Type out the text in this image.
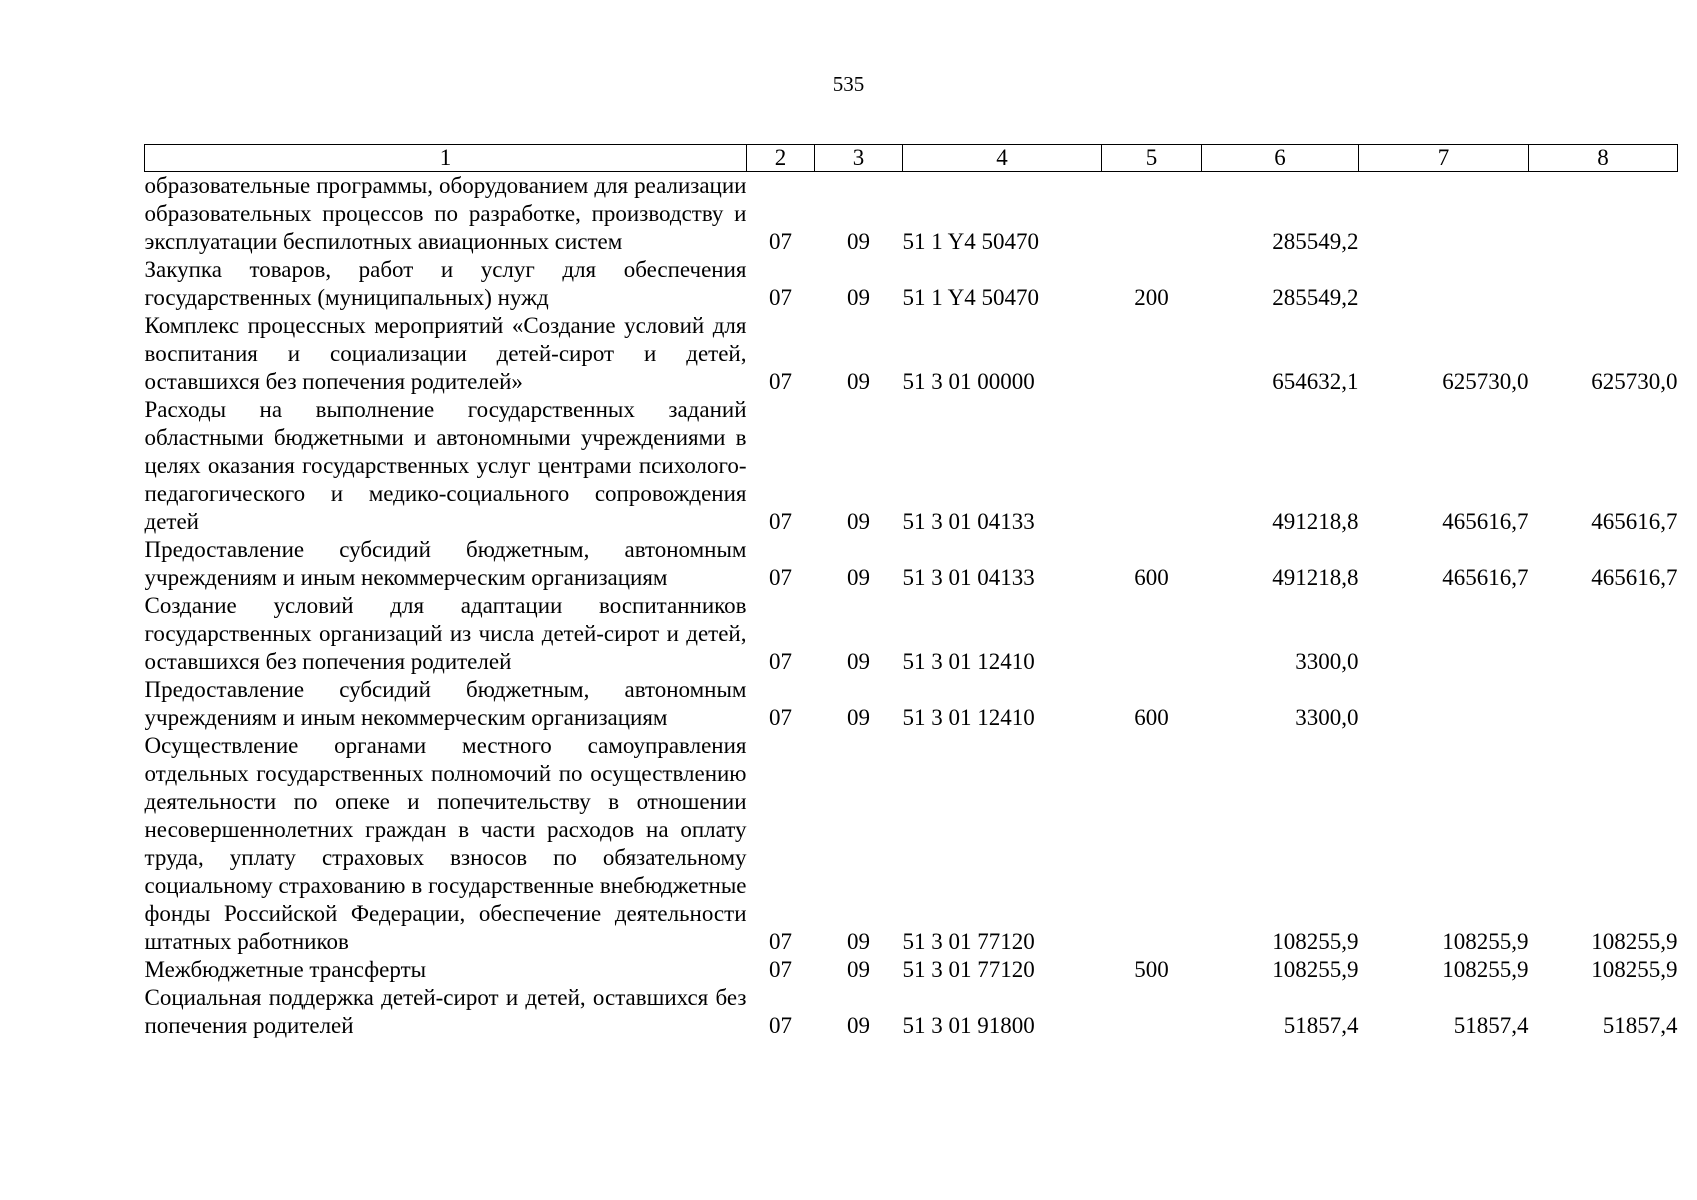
535
1	2	3	4	5	6	7	8
образовательные программы, оборудованием для реализации образовательных процессов по разработке, производству и эксплуатации беспилотных авиационных систем	07	09	51 1 Y4 50470		285549,2		
Закупка товаров, работ и услуг для обеспечения государственных (муниципальных) нужд	07	09	51 1 Y4 50470	200	285549,2		
Комплекс процессных мероприятий «Создание условий для воспитания и социализации детей-сирот и детей, оставшихся без попечения родителей»	07	09	51 3 01 00000		654632,1	625730,0	625730,0
Расходы на выполнение государственных заданий областными бюджетными и автономными учреждениями в целях оказания государственных услуг центрами психолого-педагогического и медико-социального сопровождения детей	07	09	51 3 01 04133		491218,8	465616,7	465616,7
Предоставление субсидий бюджетным, автономным учреждениям и иным некоммерческим организациям	07	09	51 3 01 04133	600	491218,8	465616,7	465616,7
Создание условий для адаптации воспитанников государственных организаций из числа детей-сирот и детей, оставшихся без попечения родителей	07	09	51 3 01 12410		3300,0		
Предоставление субсидий бюджетным, автономным учреждениям и иным некоммерческим организациям	07	09	51 3 01 12410	600	3300,0		
Осуществление органами местного самоуправления отдельных государственных полномочий по осуществлению деятельности по опеке и попечительству в отношении несовершеннолетних граждан в части расходов на оплату труда, уплату страховых взносов по обязательному социальному страхованию в государственные внебюджетные фонды Российской Федерации, обеспечение деятельности штатных работников	07	09	51 3 01 77120		108255,9	108255,9	108255,9
Межбюджетные трансферты	07	09	51 3 01 77120	500	108255,9	108255,9	108255,9
Социальная поддержка детей-сирот и детей, оставшихся без попечения родителей	07	09	51 3 01 91800		51857,4	51857,4	51857,4
